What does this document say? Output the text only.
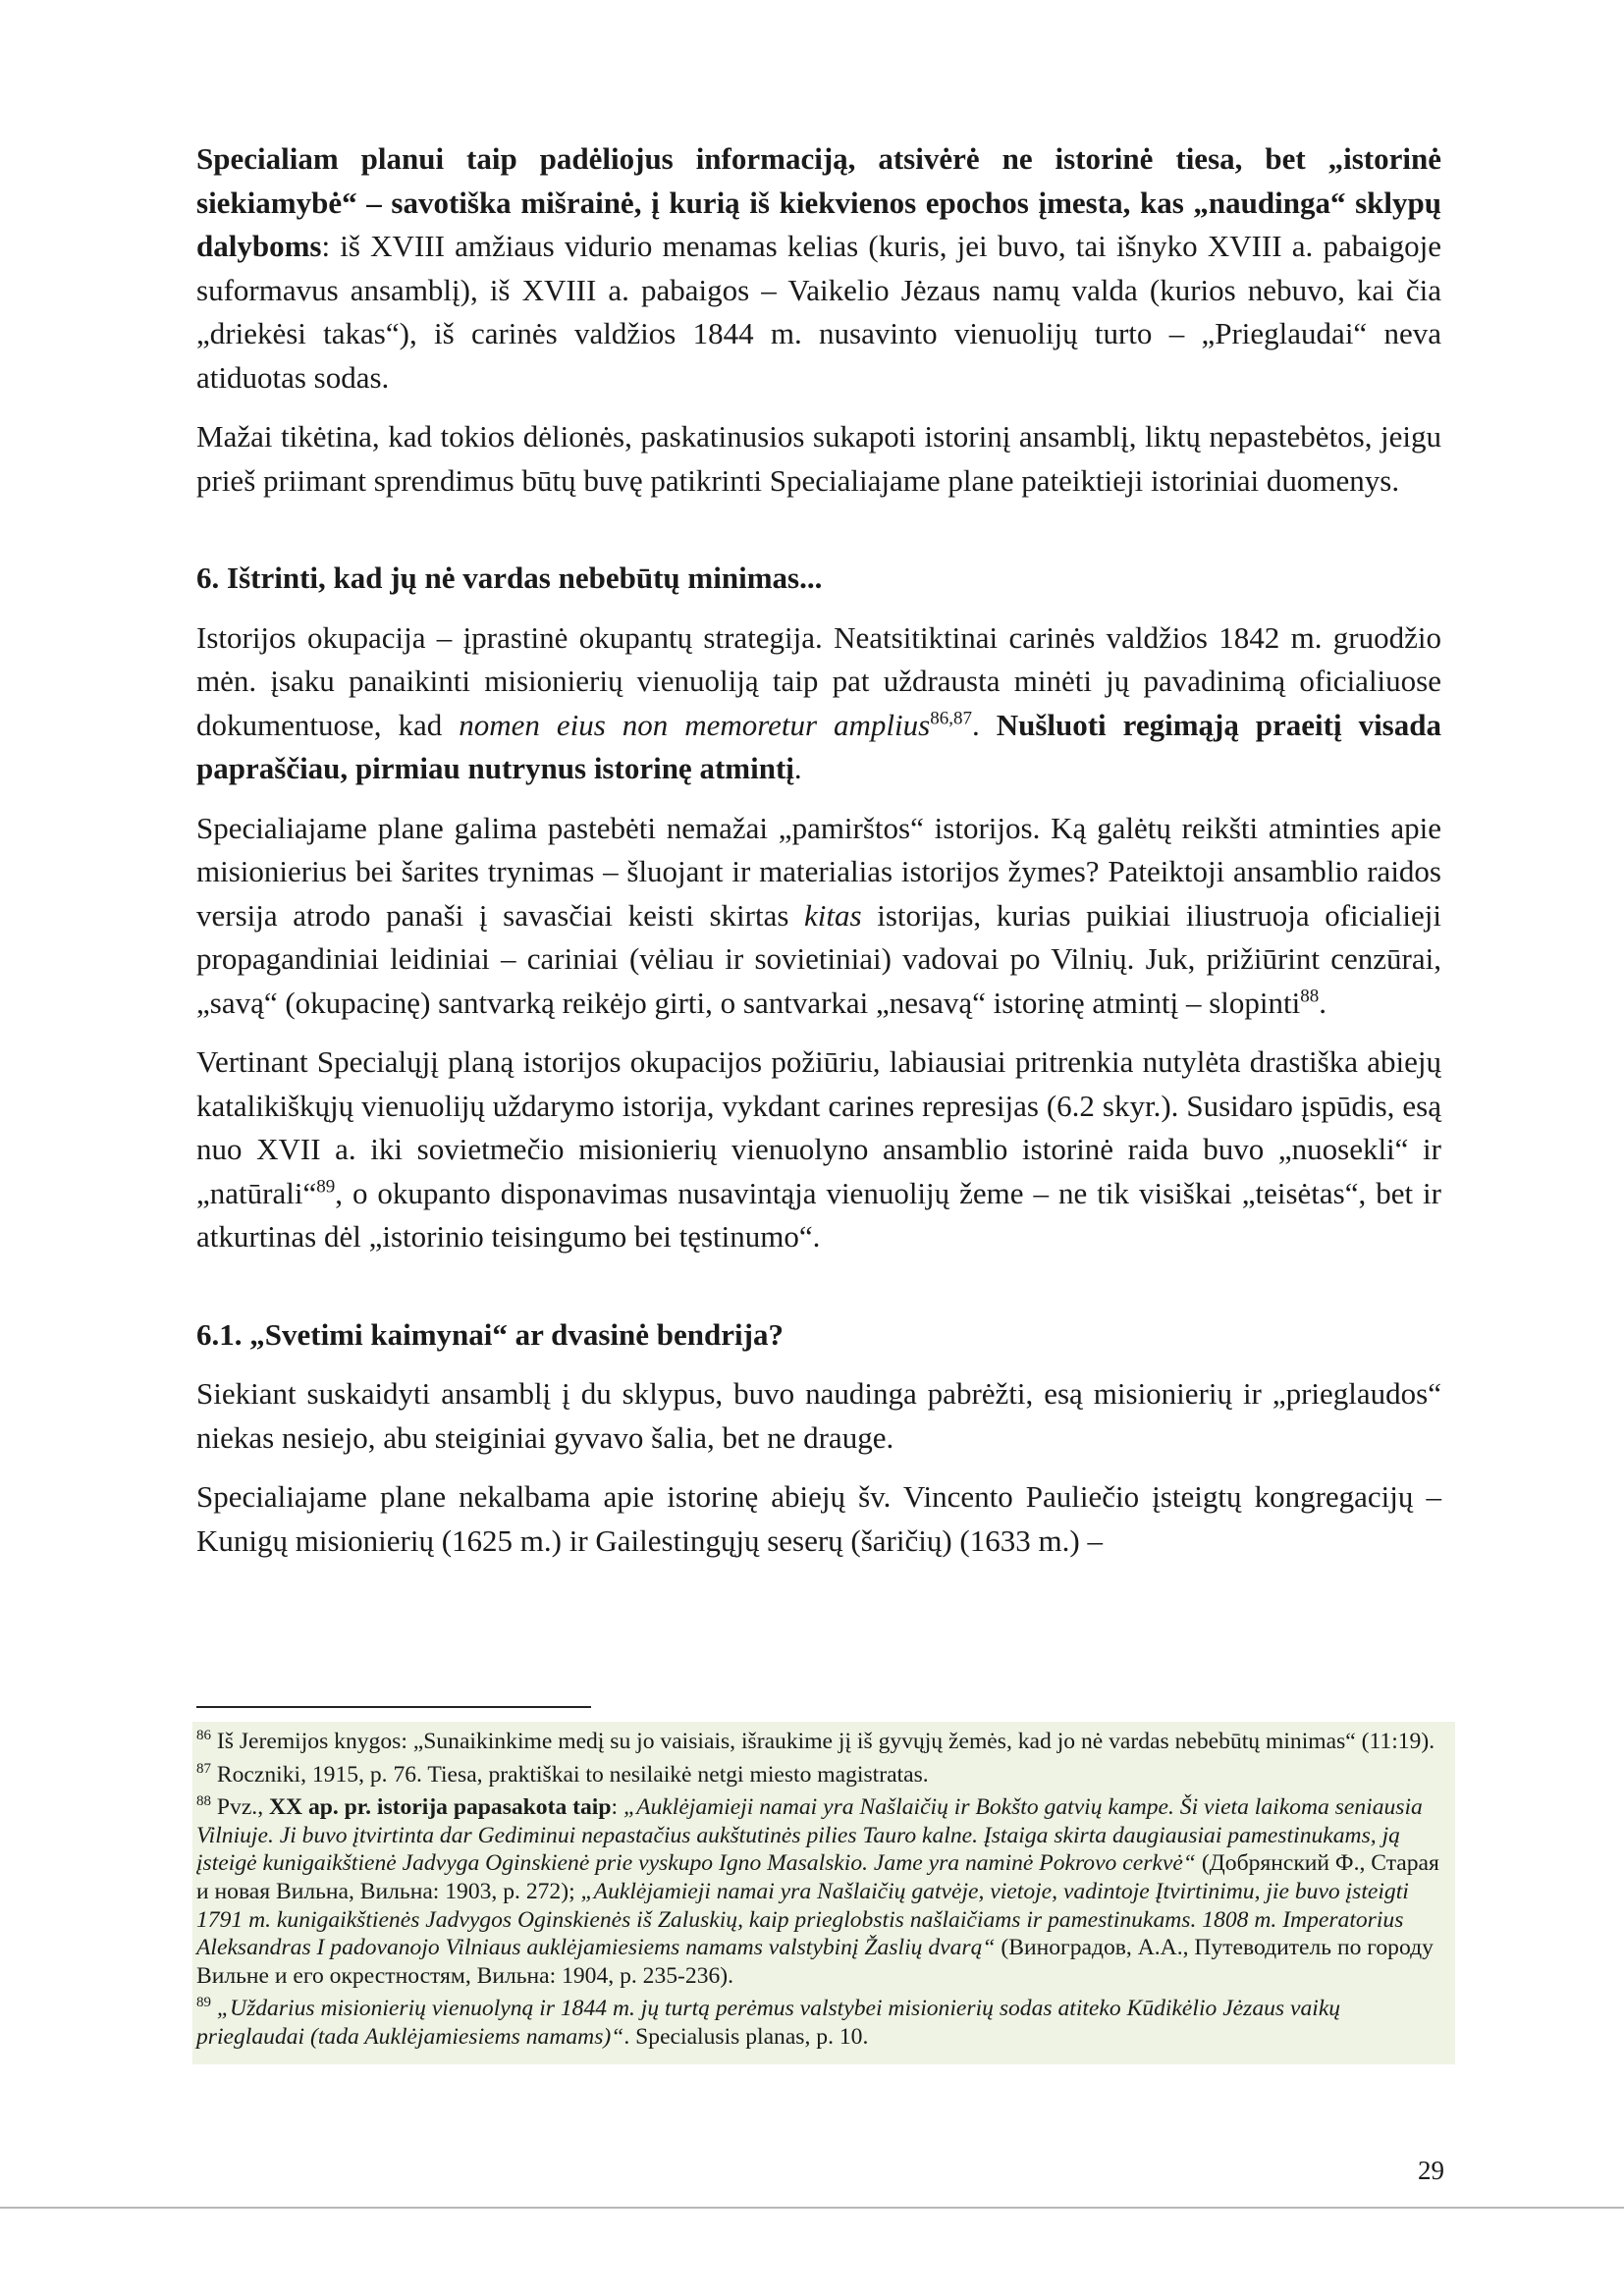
Specialiam planui taip padėliojus informaciją, atsivėrė ne istorinė tiesa, bet „istorinė siekiamybė“ – savotiška mišrainė, į kurią iš kiekvienos epochos įmesta, kas „naudinga“ sklypų dalyboms: iš XVIII amžiaus vidurio menamas kelias (kuris, jei buvo, tai išnyko XVIII a. pabaigoje suformavus ansamblį), iš XVIII a. pabaigos – Vaikelio Jėzaus namų valda (kurios nebuvo, kai čia „driekėsi takas“), iš carinės valdžios 1844 m. nusavinto vienuolijų turto – „Prieglaudai“ neva atiduotas sodas.

Mažai tikėtina, kad tokios dėlionės, paskatinusios sukapoti istorinį ansamblį, liktų nepastebėtos, jeigu prieš priimant sprendimus būtų buvę patikrinti Specialiajame plane pateiktieji istoriniai duomenys.

6. Ištrinti, kad jų nė vardas nebebūtų minimas...

Istorijos okupacija – įprastinė okupantų strategija. Neatsitiktinai carinės valdžios 1842 m. gruodžio mėn. įsaku panaikinti misionierių vienuoliją taip pat uždrausta minėti jų pavadinimą oficialiuose dokumentuose, kad nomen eius non memoretur amplius$^{86,87}$. Nušluoti regimąją praeitį visada papraščiau, pirmiau nutrynus istorinę atmintį.

Specialiajame plane galima pastebėti nemažai „pamirštos“ istorijos. Ką galėtų reikšti atminties apie misionierius bei šarites trynimas – šluojant ir materialias istorijos žymes? Pateiktoji ansamblio raidos versija atrodo panaši į savasčiai keisti skirtas kitas istorijas, kurias puikiai iliustruoja oficialieji propagandiniai leidiniai – cariniai (vėliau ir sovietiniai) vadovai po Vilnių. Juk, prižiūrint cenzūrai, „savą“ (okupacinę) santvarką reikėjo girti, o santvarkai „nesavą“ istorinę atmintį – slopinti$^{88}$.

Vertinant Specialųjį planą istorijos okupacijos požiūriu, labiausiai pritrenkia nutylėta drastiška abiejų katalikiškųjų vienuolijų uždarymo istorija, vykdant carines represijas (6.2 skyr.). Susidaro įspūdis, esą nuo XVII a. iki sovietmečio misionierių vienuolyno ansamblio istorinė raida buvo „nuosekli“ ir „natūrali“$^{89}$, o okupanto disponavimas nusavintąja vienuolijų žeme – ne tik visiškai „teisėtas“, bet ir atkurtinas dėl „istorinio teisingumo bei tęstinumo“.

6.1. „Svetimi kaimynai“ ar dvasinė bendrija?

Siekiant suskaidyti ansamblį į du sklypus, buvo naudinga pabrėžti, esą misionierių ir „prieglaudos“ niekas nesiejo, abu steiginiai gyvavo šalia, bet ne drauge.

Specialiajame plane nekalbama apie istorinę abiejų šv. Vincento Pauliečio įsteigtų kongregacijų – Kunigų misionierių (1625 m.) ir Gailestingųjų seserų (šaričių) (1633 m.) –

$^{86}$ Iš Jeremijos knygos: „Sunaikinkime medį su jo vaisiais, išraukime jį iš gyvųjų žemės, kad jo nė vardas nebebūtų minimas“ (11:19).

$^{87}$ Roczniki, 1915, p. 76. Tiesa, praktiškai to nesilaikė netgi miesto magistratas.

$^{88}$ Pvz., XX ap. pr. istorija papasakota taip: „Auklėjamieji namai yra Našlaičių ir Bokšto gatvių kampe. Ši vieta laikoma seniausia Vilniuje. Ji buvo įtvirtinta dar Gediminui nepastačius aukštutinės pilies Tauro kalne. Įstaiga skirta daugiausiai pamestinukams, ją įsteigė kunigaikštienė Jadvyga Oginskienė prie vyskupo Igno Masalskio. Jame yra naminė Pokrovo cerkvė“ (Добрянский Ф., Старая и новая Вильна, Вильна: 1903, p. 272); „Auklėjamieji namai yra Našlaičių gatvėje, vietoje, vadintoje Įtvirtinimu, jie buvo įsteigti 1791 m. kunigaikštienės Jadvygos Oginskienės iš Zaluskių, kaip prieglobstis našlaičiams ir pamestinukams. 1808 m. Imperatorius Aleksandras I padovanojo Vilniaus auklėjamiesiems namams valstybinį Žaslių dvarą“ (Виноградов, А.А., Путеводитель по городу Вильне и его окрестностям, Вильна: 1904, p. 235-236).

$^{89}$ „Uždarius misionierių vienuolyną ir 1844 m. jų turtą perėmus valstybei misionierių sodas atiteko Kūdikėlio Jėzaus vaikų prieglaudai (tada Auklėjamiesiems namams)“. Specialusis planas, p. 10.

29
